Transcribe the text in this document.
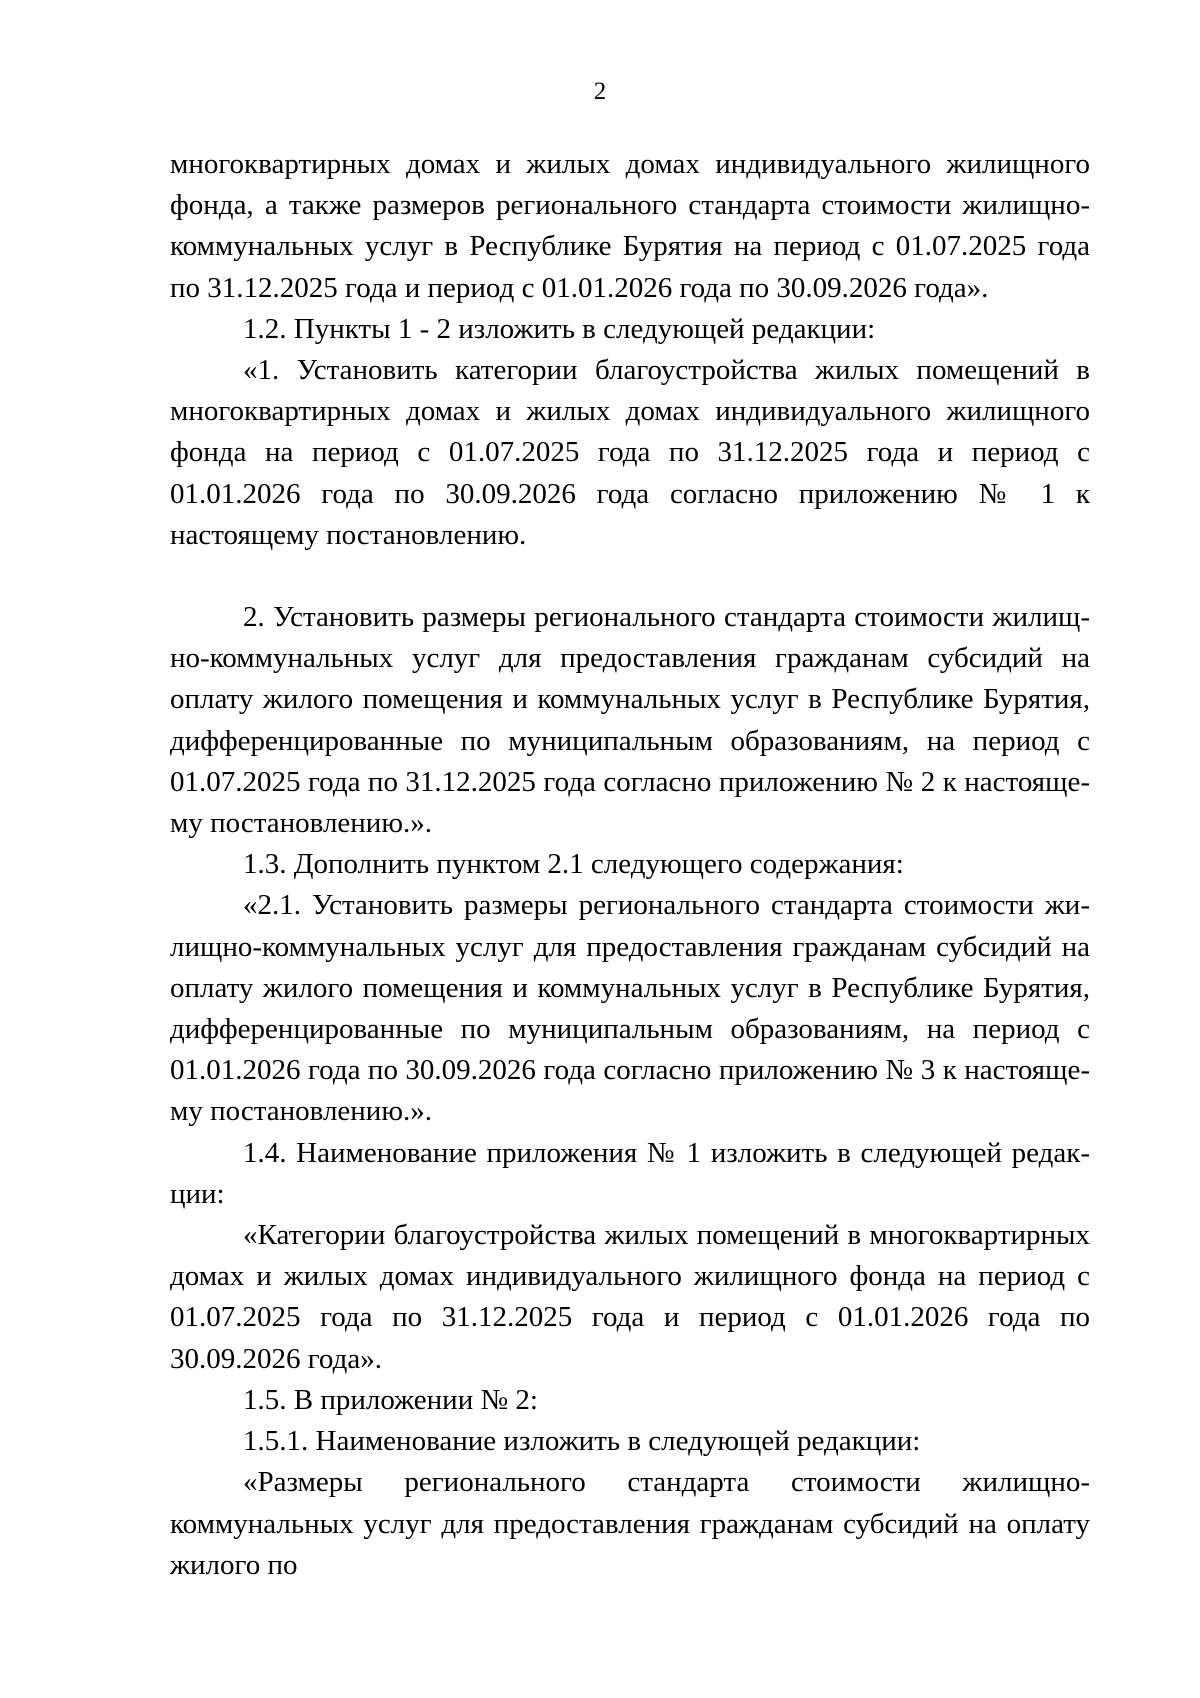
2

многоквартирных домах и жилых домах индивидуального жилищного фонда, а также размеров регионального стандарта стоимости жилищно-коммунальных услуг в Республике Бурятия на период с 01.07.2025 года по 31.12.2025 года и период с 01.01.2026 года по 30.09.2026 года».

1.2. Пункты 1 - 2 изложить в следующей редакции:

«1. Установить категории благоустройства жилых помещений в многоквартирных домах и жилых домах индивидуального жилищного фонда на период с 01.07.2025 года по 31.12.2025 года и период с 01.01.2026 года по 30.09.2026 года согласно приложению № 1 к настоящему постановлению.

2. Установить размеры регионального стандарта стоимости жилищно-коммунальных услуг для предоставления гражданам субсидий на оплату жилого помещения и коммунальных услуг в Республике Бурятия, дифференцированные по муниципальным образованиям, на период с 01.07.2025 года по 31.12.2025 года согласно приложению № 2 к настоящему постановлению.».

1.3. Дополнить пунктом 2.1 следующего содержания:

«2.1. Установить размеры регионального стандарта стоимости жилищно-коммунальных услуг для предоставления гражданам субсидий на оплату жилого помещения и коммунальных услуг в Республике Бурятия, дифференцированные по муниципальным образованиям, на период с 01.01.2026 года по 30.09.2026 года согласно приложению № 3 к настоящему постановлению.».

1.4. Наименование приложения № 1 изложить в следующей редакции:

«Категории благоустройства жилых помещений в многоквартирных домах и жилых домах индивидуального жилищного фонда на период с 01.07.2025 года по 31.12.2025 года и период с 01.01.2026 года по 30.09.2026 года».

1.5. В приложении № 2:

1.5.1. Наименование изложить в следующей редакции:

«Размеры регионального стандарта стоимости жилищно-коммунальных услуг для предоставления гражданам субсидий на оплату жилого по
